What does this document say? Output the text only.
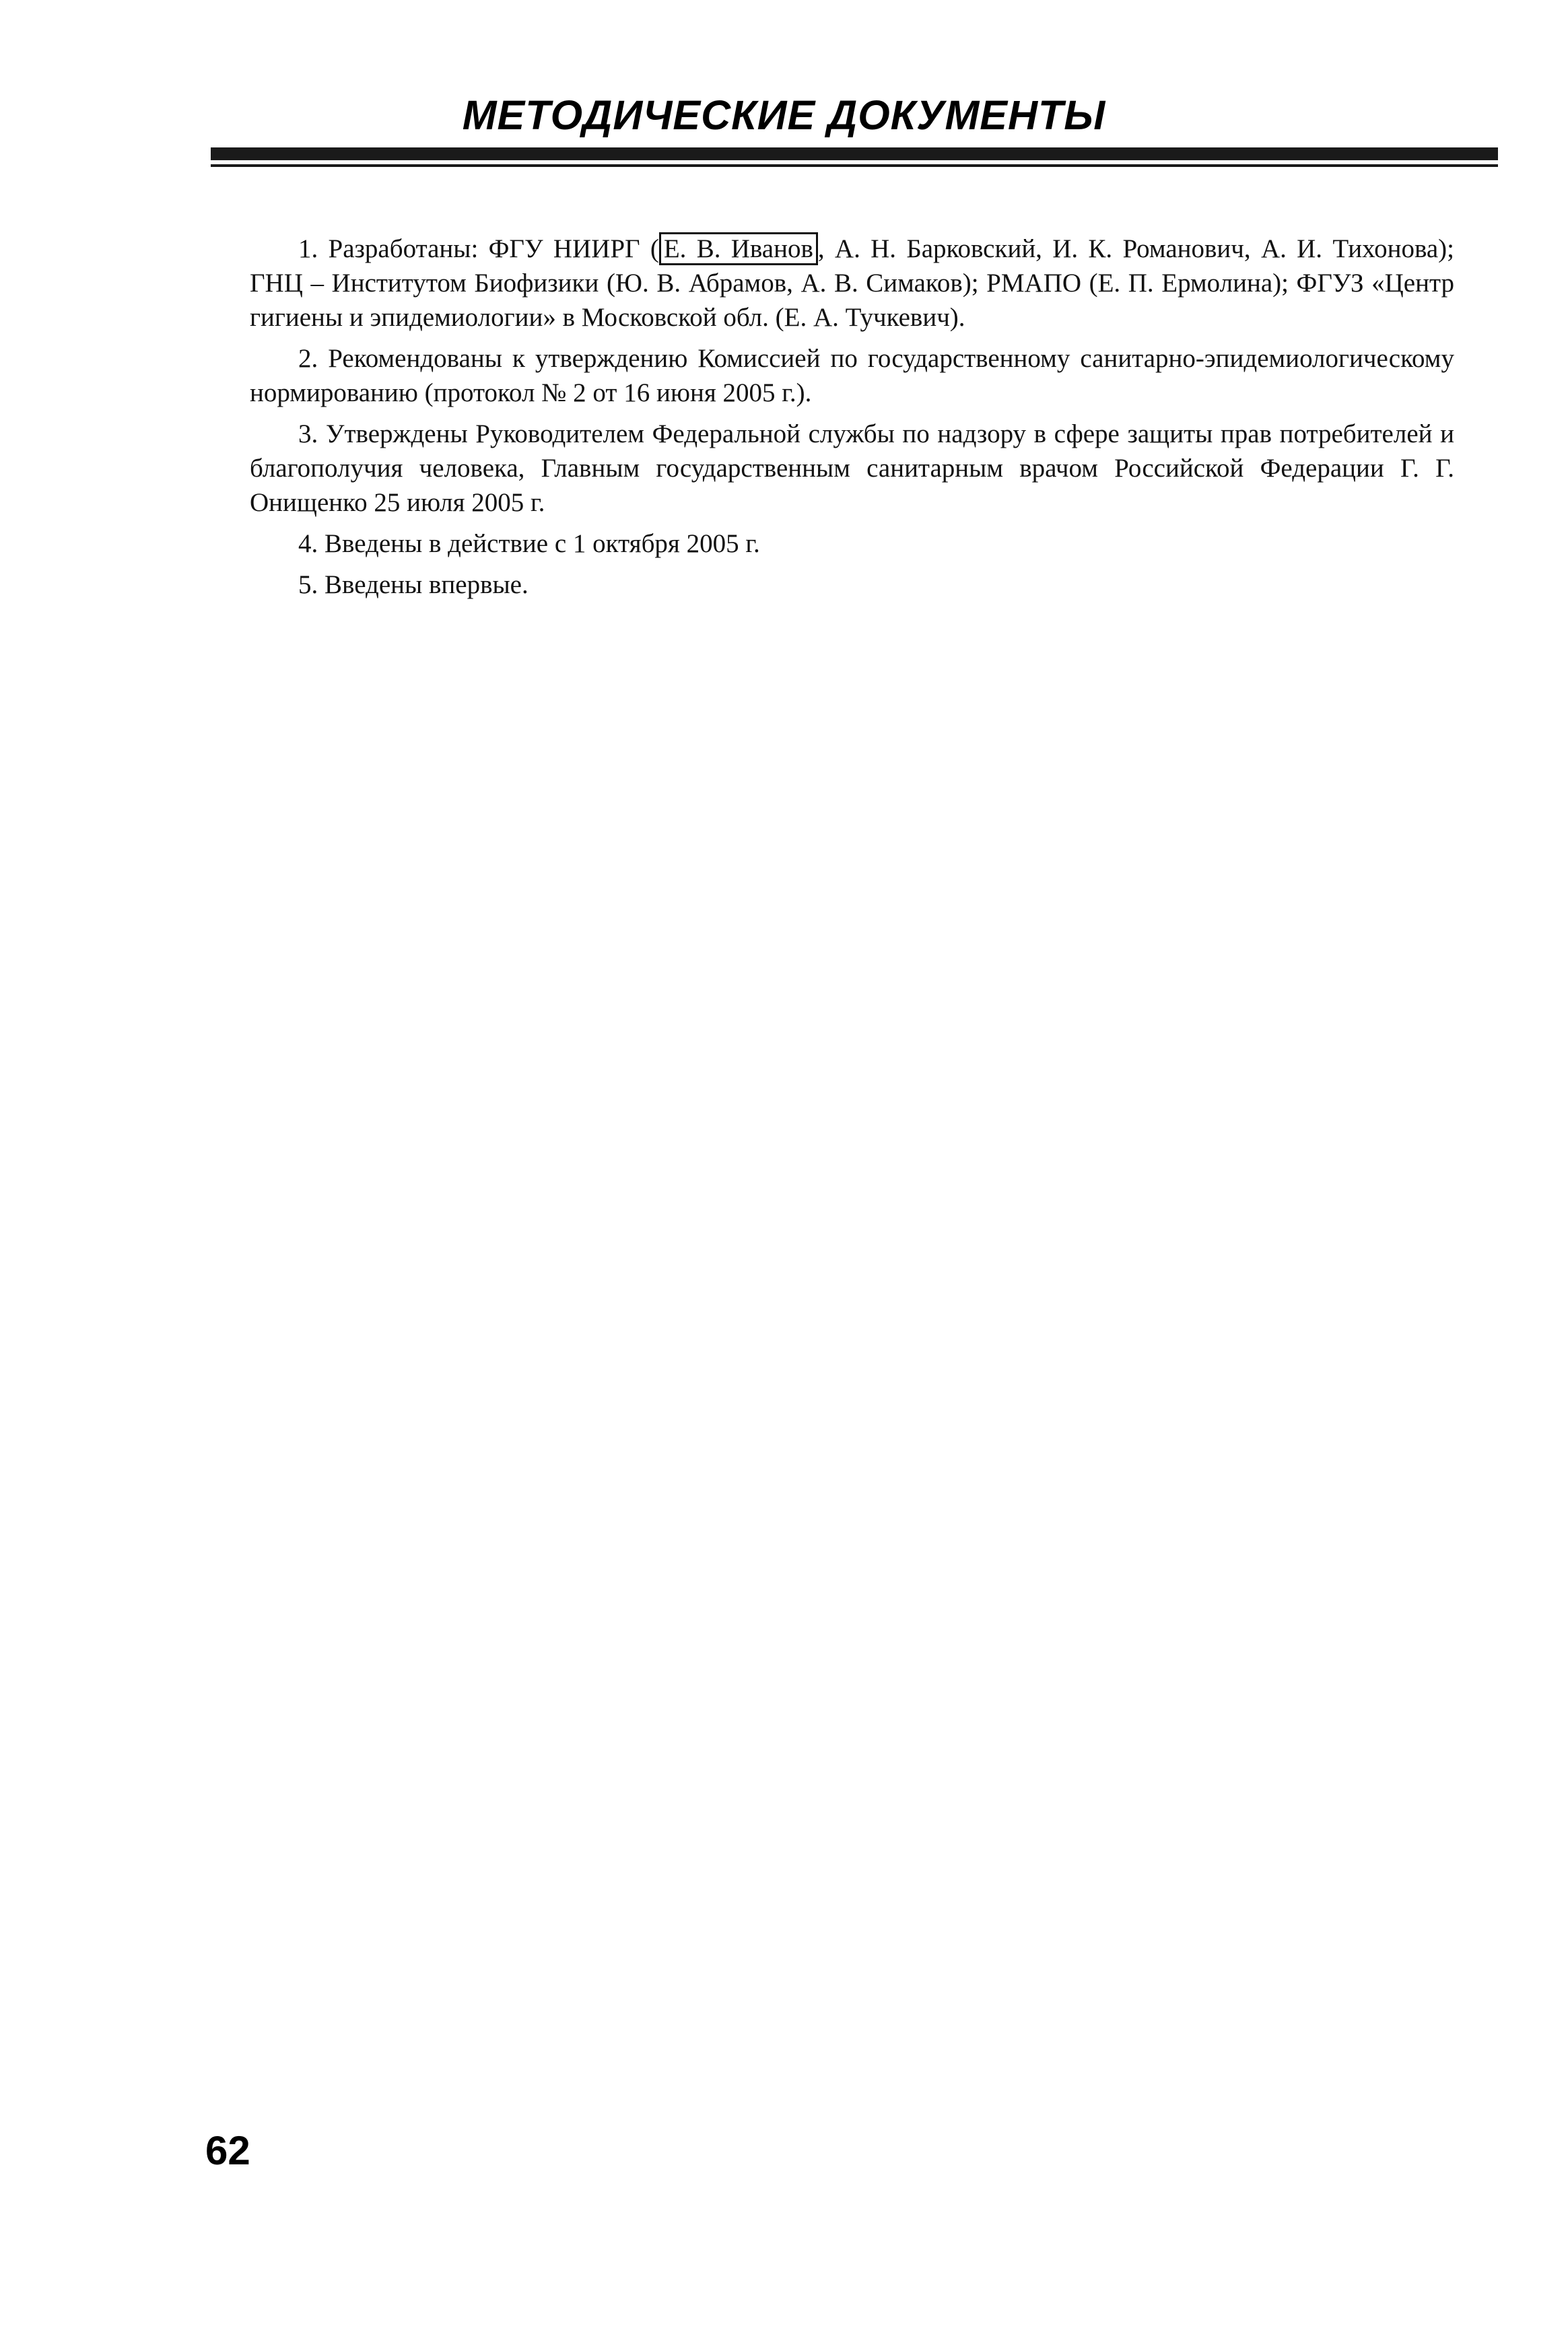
МЕТОДИЧЕСКИЕ ДОКУМЕНТЫ

1. Разработаны: ФГУ НИИРГ ( Е. В. Иванов , А. Н. Барковский, И. К. Романович, А. И. Тихонова); ГНЦ – Институтом Биофизики (Ю. В. Абрамов, А. В. Симаков); РМАПО (Е. П. Ермолина); ФГУЗ «Центр гигиены и эпидемиологии» в Московской обл. (Е. А. Тучкевич).

2. Рекомендованы к утверждению Комиссией по государственному санитарно-эпидемиологическому нормированию (протокол № 2 от 16 июня 2005 г.).

3. Утверждены Руководителем Федеральной службы по надзору в сфере защиты прав потребителей и благополучия человека, Главным государственным санитарным врачом Российской Федерации Г. Г. Онищенко 25 июля 2005 г.

4. Введены в действие с 1 октября 2005 г.

5. Введены впервые.

62
